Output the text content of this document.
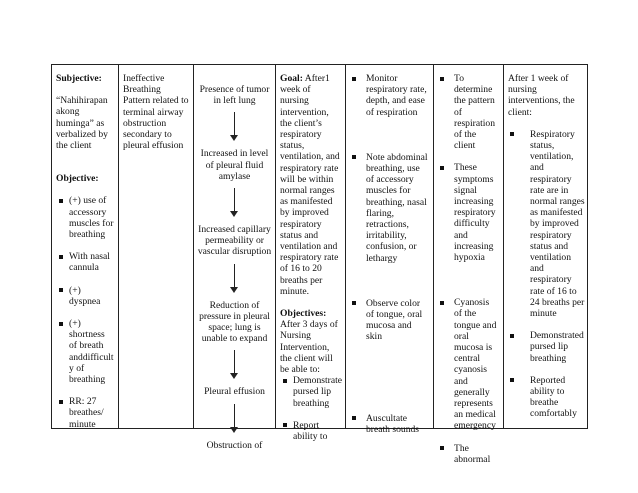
Subjective:

“Nahihirapan akong huminga” as verbalized by the client

Objective:

(+) use of accessory muscles for breathing
With nasal cannula
(+) dyspnea
(+) shortness of breath anddifficult y of breathing
RR: 27 breathes/ minute

Ineffective Breathing Pattern related to terminal airway obstruction secondary to pleural effusion

Presence of tumor in left lung

Increased in level of pleural fluid amylase

Increased capillary permeability or vascular disruption

Reduction of pressure in pleural space; lung is unable to expand

Pleural effusion

Obstruction of

Goal: After1 week of nursing intervention, the client’s respiratory status, ventilation, and respiratory rate will be within normal ranges as manifested by improved respiratory status and ventilation and respiratory rate of 16 to 20 breaths per minute.

Objectives:

After 3 days of Nursing Intervention, the client will be able to:

Demonstrate pursed lip breathing
Report ability to
Monitor respiratory rate, depth, and ease of respiration
Note abdominal breathing, use of accessory muscles for breathing, nasal flaring, retractions, irritability, confusion, or lethargy
Observe color of tongue, oral mucosa and skin
Auscultate breath sounds
To determine the pattern of respiration of the client
These symptoms signal increasing respiratory difficulty and increasing hypoxia
Cyanosis of the tongue and oral mucosa is central cyanosis and generally represents an medical emergency
The abnormal

After 1 week of nursing interventions, the client:

Respiratory status, ventilation, and respiratory rate are in normal ranges as manifested by improved respiratory status and ventilation and respiratory rate of 16 to 24 breaths per minute
Demonstrated pursed lip breathing
Reported ability to breathe comfortably
